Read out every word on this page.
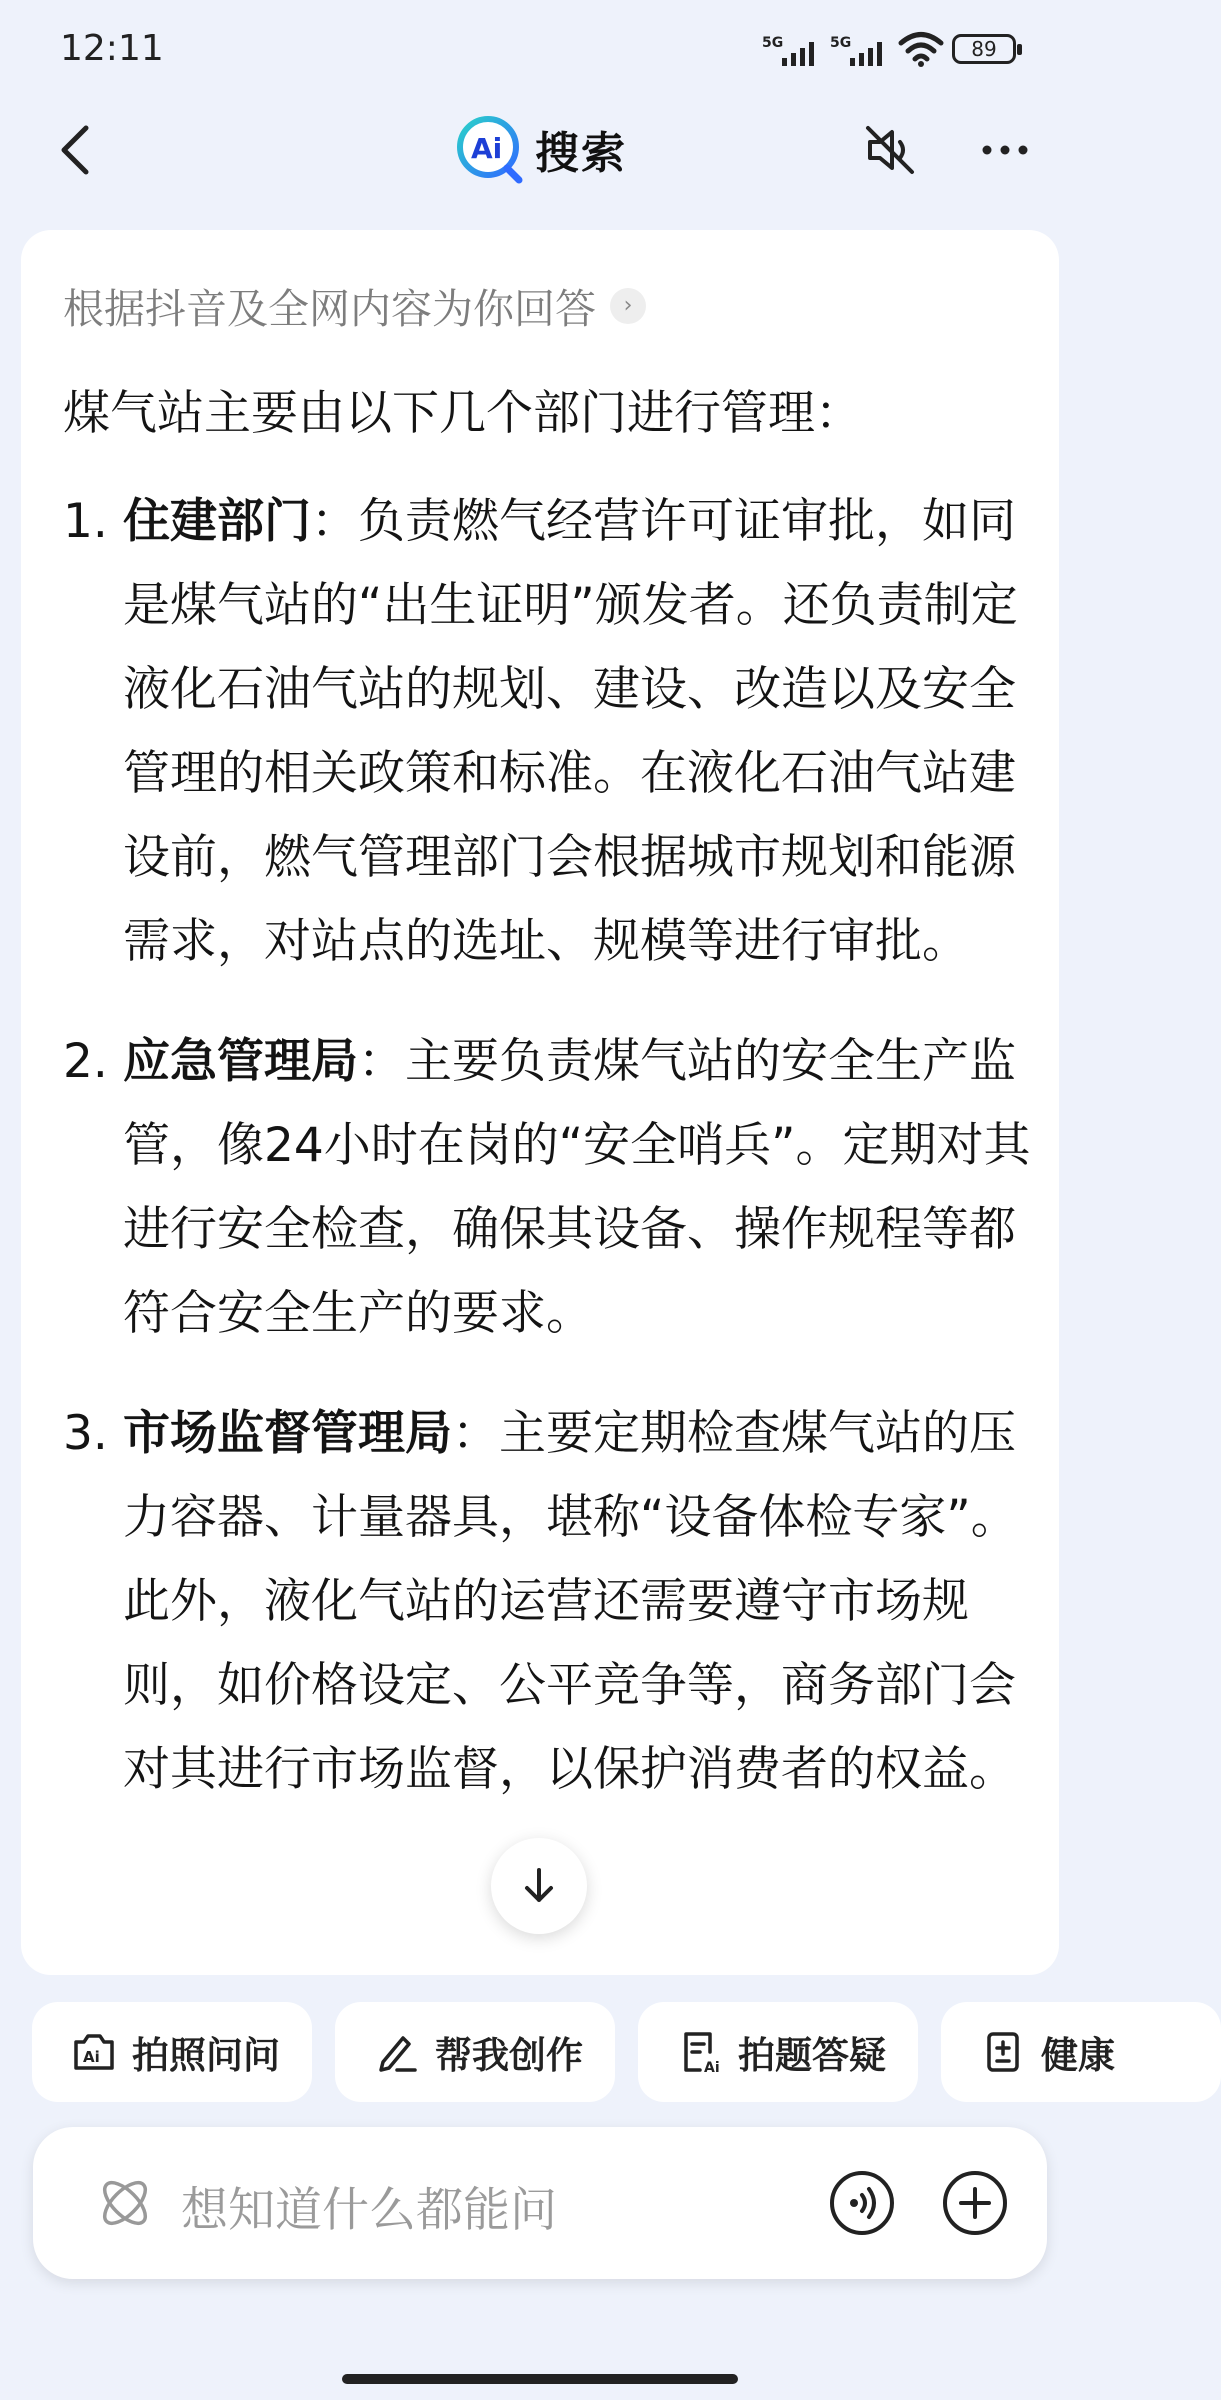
12:11	5G	5G	89
Ai 搜索
根据抖音及全网内容为你回答	›
煤气站主要由以下几个部门进行管理：
1. 住建部门：负责燃气经营许可证审批，如同是煤气站的“出生证明”颁发者。还负责制定液化石油气站的规划、建设、改造以及安全管理的相关政策和标准。在液化石油气站建设前，燃气管理部门会根据城市规划和能源需求，对站点的选址、规模等进行审批。
2. 应急管理局：主要负责煤气站的安全生产监管，像24小时在岗的“安全哨兵”。定期对其进行安全检查，确保其设备、操作规程等都符合安全生产的要求。
3. 市场监督管理局：主要定期检查煤气站的压力容器、计量器具，堪称“设备体检专家”。此外，液化气站的运营还需要遵守市场规则，如价格设定、公平竞争等，商务部门会对其进行市场监督，以保护消费者的权益。
Ai 拍照问问	帮我创作	Ai 拍题答疑	健康
想知道什么都能问
